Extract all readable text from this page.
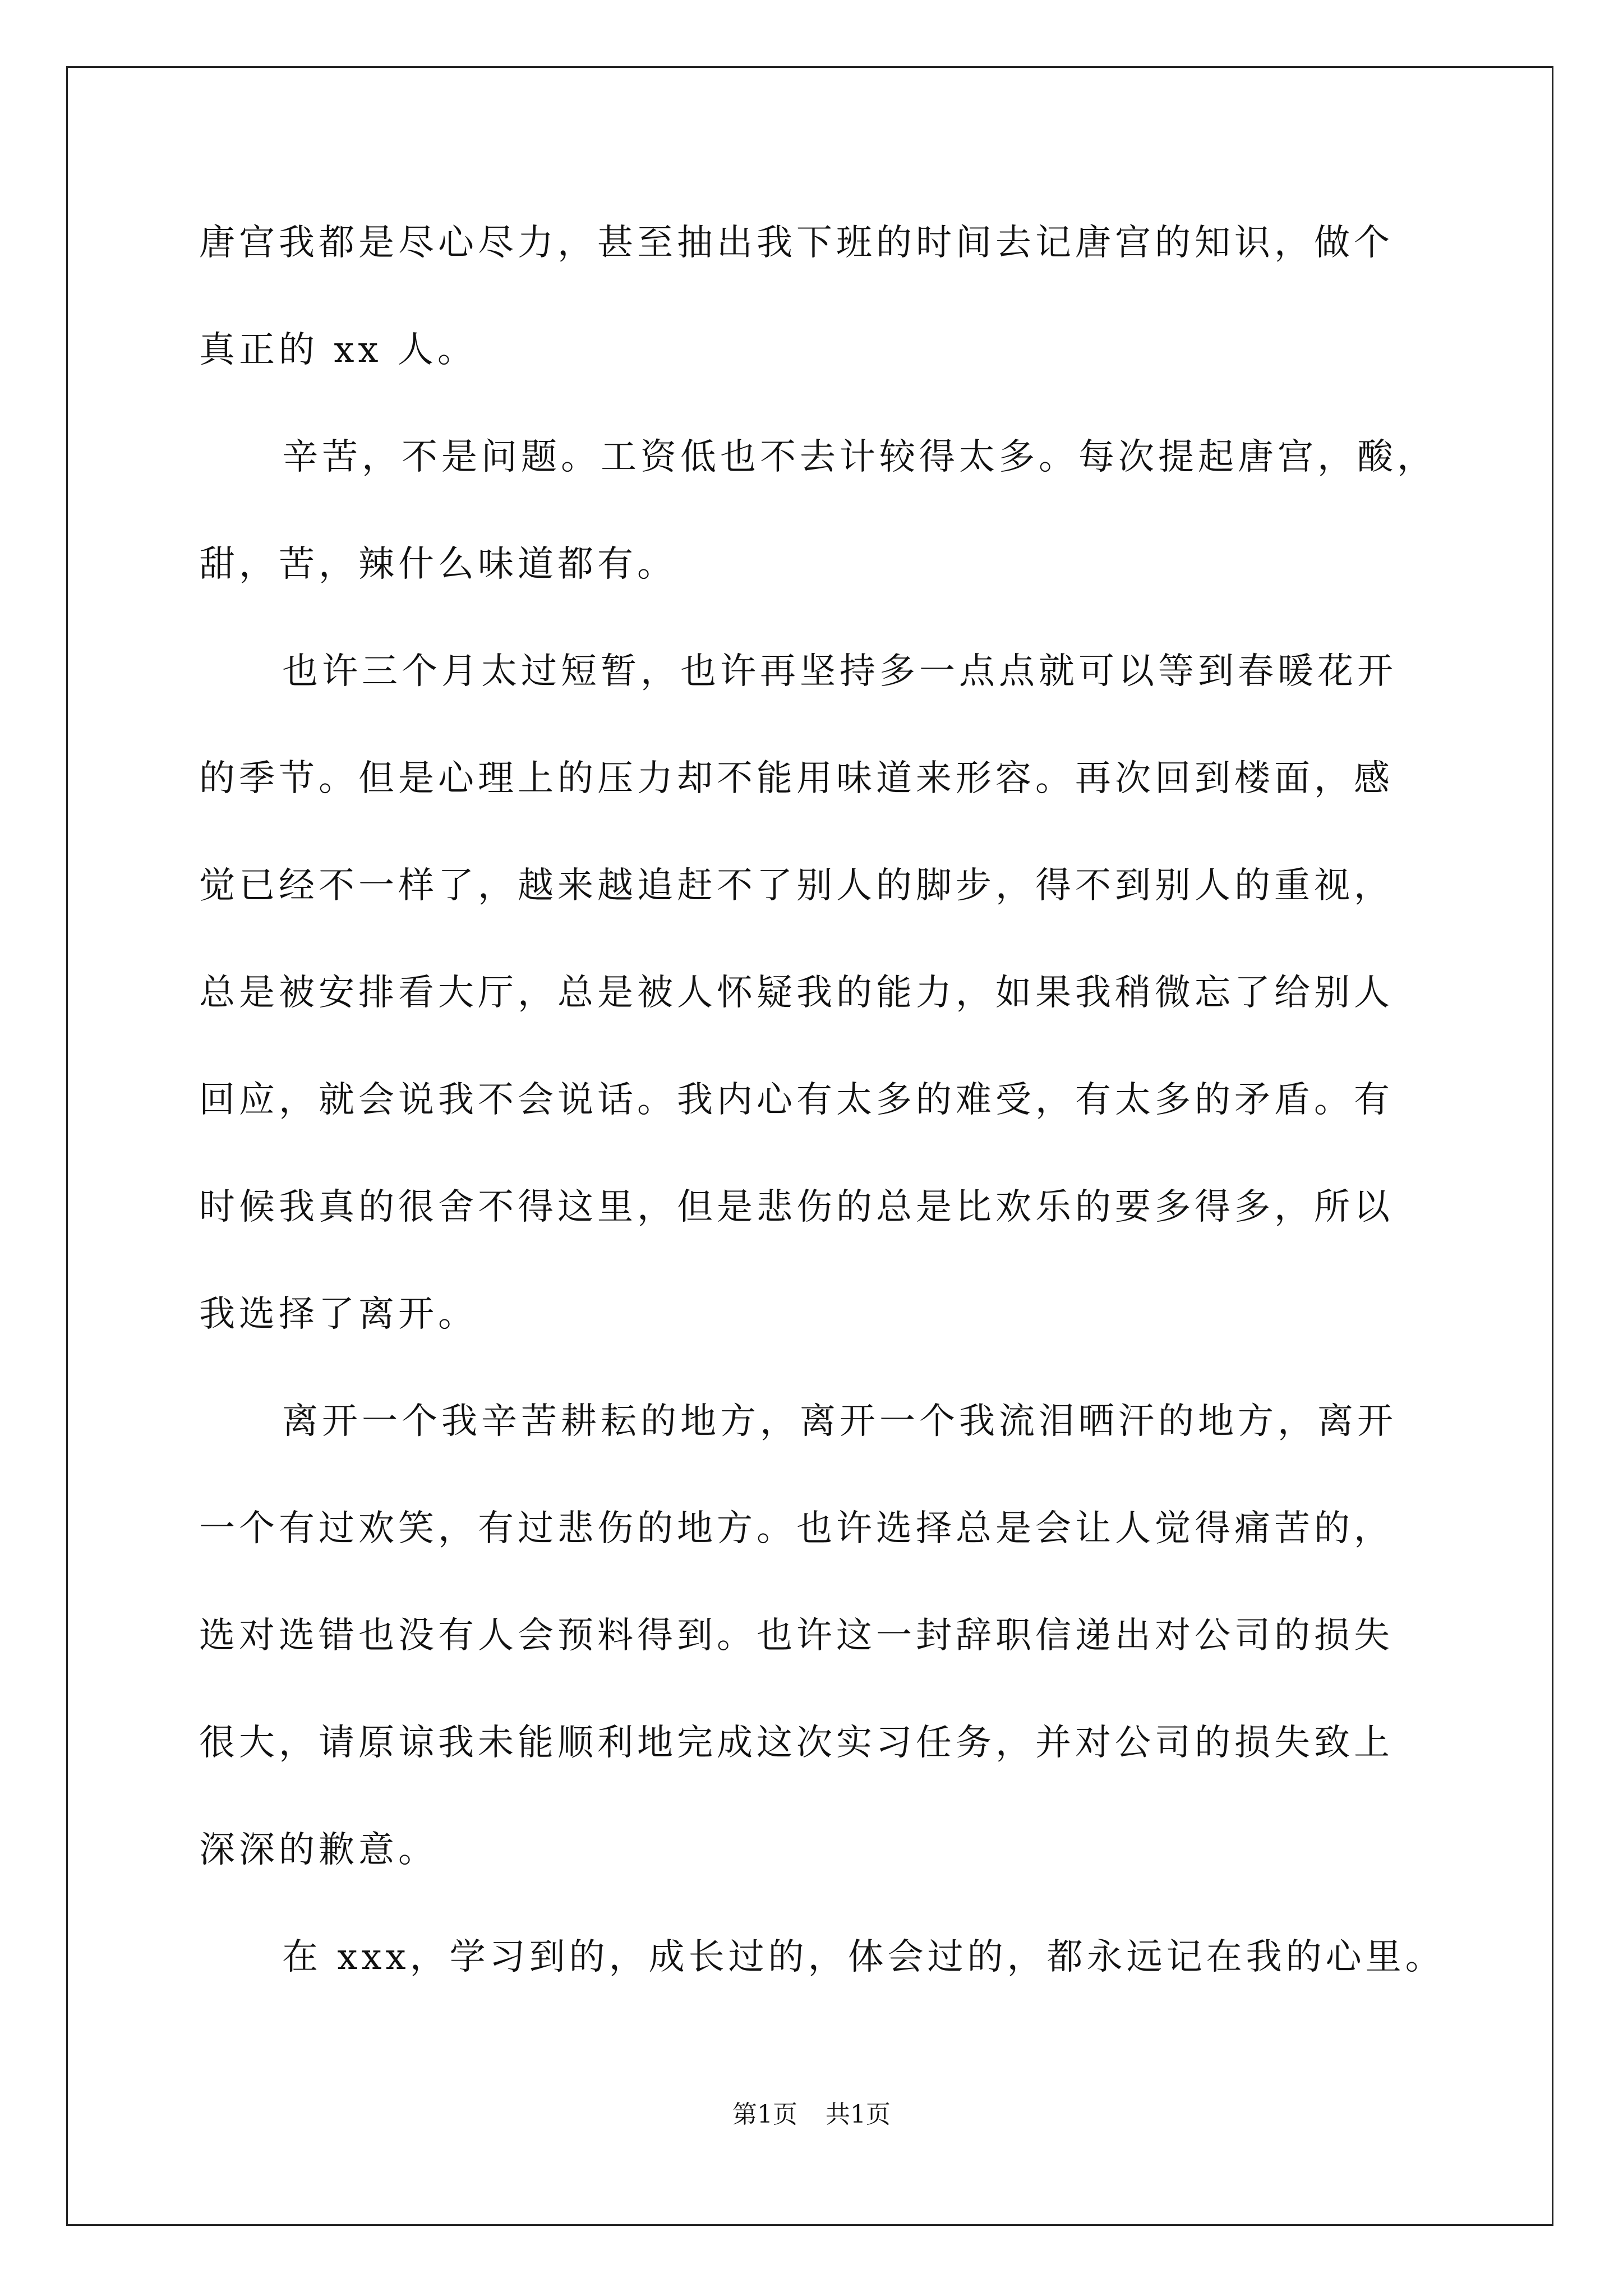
唐宫我都是尽心尽力，甚至抽出我下班的时间去记唐宫的知识，做个
真正的 xx 人。
辛苦，不是问题。工资低也不去计较得太多。每次提起唐宫，酸，
甜，苦，辣什么味道都有。
也许三个月太过短暂，也许再坚持多一点点就可以等到春暖花开
的季节。但是心理上的压力却不能用味道来形容。再次回到楼面，感
觉已经不一样了，越来越追赶不了别人的脚步，得不到别人的重视，
总是被安排看大厅，总是被人怀疑我的能力，如果我稍微忘了给别人
回应，就会说我不会说话。我内心有太多的难受，有太多的矛盾。有
时候我真的很舍不得这里，但是悲伤的总是比欢乐的要多得多，所以
我选择了离开。
离开一个我辛苦耕耘的地方，离开一个我流泪晒汗的地方，离开
一个有过欢笑，有过悲伤的地方。也许选择总是会让人觉得痛苦的，
选对选错也没有人会预料得到。也许这一封辞职信递出对公司的损失
很大，请原谅我未能顺利地完成这次实习任务，并对公司的损失致上
深深的歉意。
在 xxx，学习到的，成长过的，体会过的，都永远记在我的心里。
第1页 共1页
